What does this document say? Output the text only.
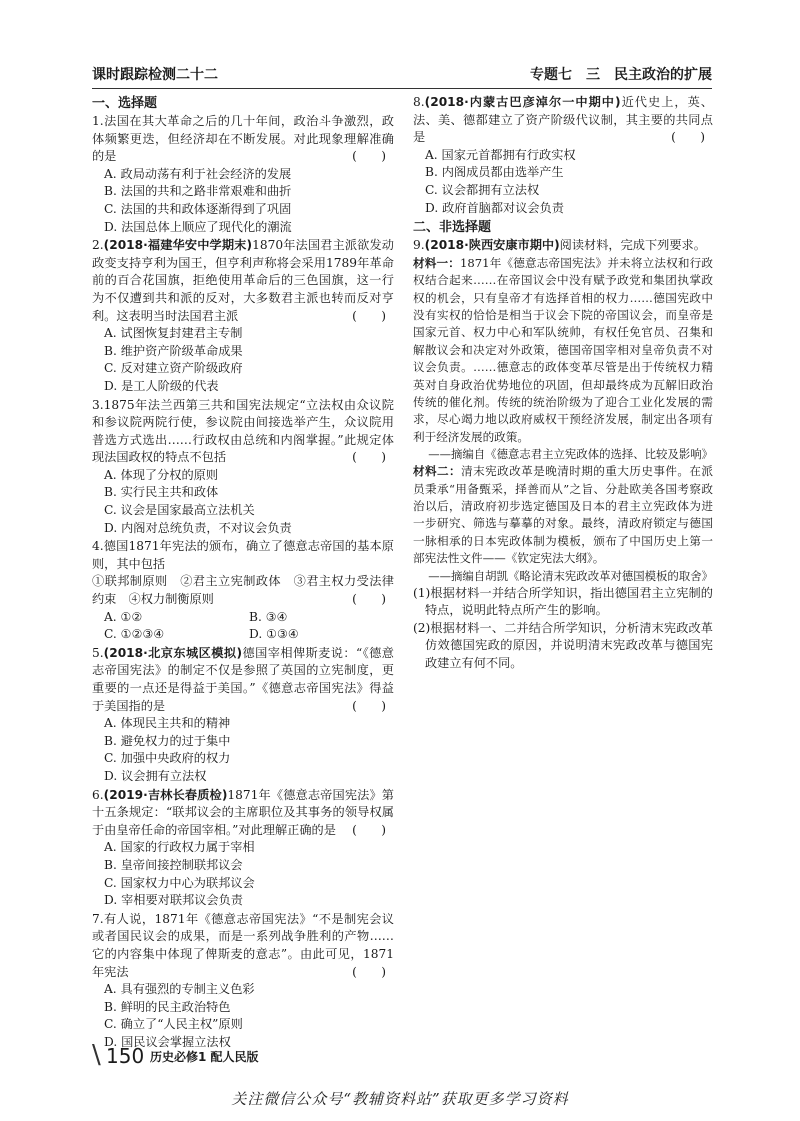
课时跟踪检测二十二	专题七　三　民主政治的扩展
一、选择题
1.法国在其大革命之后的几十年间，政治斗争激烈，政体频繁更迭，但经济却在不断发展。对此现象理解准确的是	(　　)
A. 政局动荡有利于社会经济的发展
B. 法国的共和之路非常艰难和曲折
C. 法国的共和政体逐渐得到了巩固
D. 法国总体上顺应了现代化的潮流
2.(2018·福建华安中学期末)1870年法国君主派欲发动政变支持亨利为国王，但亨利声称将会采用1789年革命前的百合花国旗，拒绝使用革命后的三色国旗，这一行为不仅遭到共和派的反对，大多数君主派也转而反对亨利。这表明当时法国君主派	(　　)
A. 试图恢复封建君主专制
B. 维护资产阶级革命成果
C. 反对建立资产阶级政府
D. 是工人阶级的代表
3.1875年法兰西第三共和国宪法规定“立法权由众议院和参议院两院行使，参议院由间接选举产生，众议院用普选方式选出……行政权由总统和内阁掌握。”此规定体现法国政权的特点不包括	(　　)
A. 体现了分权的原则
B. 实行民主共和政体
C. 议会是国家最高立法机关
D. 内阁对总统负责，不对议会负责
4.德国1871年宪法的颁布，确立了德意志帝国的基本原则，其中包括
①联邦制原则　②君主立宪制政体　③君主权力受法律约束　④权力制衡原则	(　　)
A. ①②	B. ③④
C. ①②③④	D. ①③④
5.(2018·北京东城区模拟)德国宰相俾斯麦说：“《德意志帝国宪法》的制定不仅是参照了英国的立宪制度，更重要的一点还是得益于美国。”《德意志帝国宪法》得益于美国指的是	(　　)
A. 体现民主共和的精神
B. 避免权力的过于集中
C. 加强中央政府的权力
D. 议会拥有立法权
6.(2019·吉林长春质检)1871年《德意志帝国宪法》第十五条规定：“联邦议会的主席职位及其事务的领导权属于由皇帝任命的帝国宰相。”对此理解正确的是 (　　)
A. 国家的行政权力属于宰相
B. 皇帝间接控制联邦议会
C. 国家权力中心为联邦议会
D. 宰相要对联邦议会负责
7.有人说，1871年《德意志帝国宪法》“不是制宪会议或者国民议会的成果，而是一系列战争胜利的产物……它的内容集中体现了俾斯麦的意志”。由此可见，1871年宪法	(　　)
A. 具有强烈的专制主义色彩
B. 鲜明的民主政治特色
C. 确立了“人民主权”原则
D. 国民议会掌握立法权
8.(2018·内蒙古巴彦淖尔一中期中)近代史上，英、法、美、德都建立了资产阶级代议制，其主要的共同点是	(　　)
A. 国家元首都拥有行政实权
B. 内阁成员都由选举产生
C. 议会都拥有立法权
D. 政府首脑都对议会负责
二、非选择题
9.(2018·陕西安康市期中)阅读材料，完成下列要求。
材料一：1871年《德意志帝国宪法》并未将立法权和行政权结合起来……在帝国议会中没有赋予政党和集团执掌政权的机会，只有皇帝才有选择首相的权力……德国宪政中没有实权的恰恰是相当于议会下院的帝国议会，而皇帝是国家元首、权力中心和军队统帅，有权任免官员、召集和解散议会和决定对外政策，德国帝国宰相对皇帝负责不对议会负责。……德意志的政体变革尽管是出于传统权力精英对自身政治优势地位的巩固，但却最终成为瓦解旧政治传统的催化剂。传统的统治阶级为了迎合工业化发展的需求，尽心竭力地以政府威权干预经济发展，制定出各项有利于经济发展的政策。
——摘编自《德意志君主立宪政体的选择、比较及影响》
材料二：清末宪政改革是晚清时期的重大历史事件。在派员秉承“用备甄采，择善而从”之旨、分赴欧美各国考察政治以后，清政府初步选定德国及日本的君主立宪政体为进一步研究、筛选与摹摹的对象。最终，清政府锁定与德国一脉相承的日本宪政体制为模板，颁布了中国历史上第一部宪法性文件——《钦定宪法大纲》。
——摘编自胡凯《略论清末宪政改革对德国模板的取舍》
(1)根据材料一并结合所学知识，指出德国君主立宪制的特点，说明此特点所产生的影响。
(2)根据材料一、二并结合所学知识，分析清末宪政改革仿效德国宪政的原因，并说明清末宪政改革与德国宪政建立有何不同。
\ 150 历史必修1 配人民版
关注微信公众号“教辅资料站”获取更多学习资料
